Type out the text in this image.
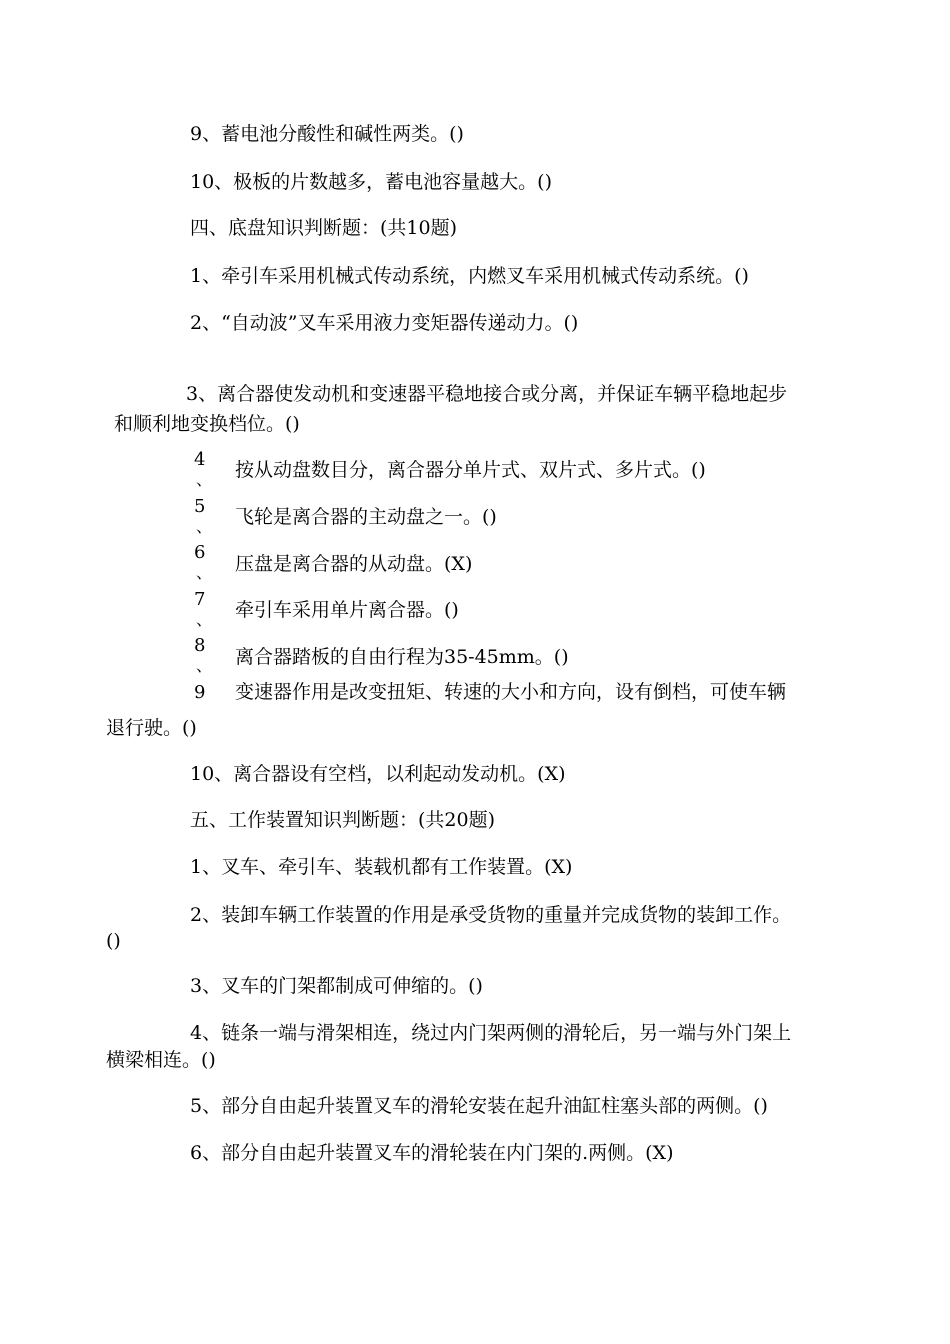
9、蓄电池分酸性和碱性两类。()
10、极板的片数越多，蓄电池容量越大。()
四、底盘知识判断题：(共10题)
1、牵引车采用机械式传动系统，内燃叉车采用机械式传动系统。()
2、“自动波”叉车采用液力变矩器传递动力。()
3、离合器使发动机和变速器平稳地接合或分离，并保证车辆平稳地起步
和顺利地变换档位。()
4
、 按从动盘数目分，离合器分单片式、双片式、多片式。()
5
、 飞轮是离合器的主动盘之一。()
6
、 压盘是离合器的从动盘。(X)
7
、 牵引车采用单片离合器。()
8
、 离合器踏板的自由行程为35-45mm。()
9 变速器作用是改变扭矩、转速的大小和方向，设有倒档，可使车辆
退行驶。()
10、离合器设有空档，以利起动发动机。(X)
五、工作装置知识判断题：(共20题)
1、叉车、牵引车、装载机都有工作装置。(X)
2、装卸车辆工作装置的作用是承受货物的重量并完成货物的装卸工作。
()
3、叉车的门架都制成可伸缩的。()
4、链条一端与滑架相连，绕过内门架两侧的滑轮后，另一端与外门架上
横梁相连。()
5、部分自由起升装置叉车的滑轮安装在起升油缸柱塞头部的两侧。()
6、部分自由起升装置叉车的滑轮装在内门架的.两侧。(X)
